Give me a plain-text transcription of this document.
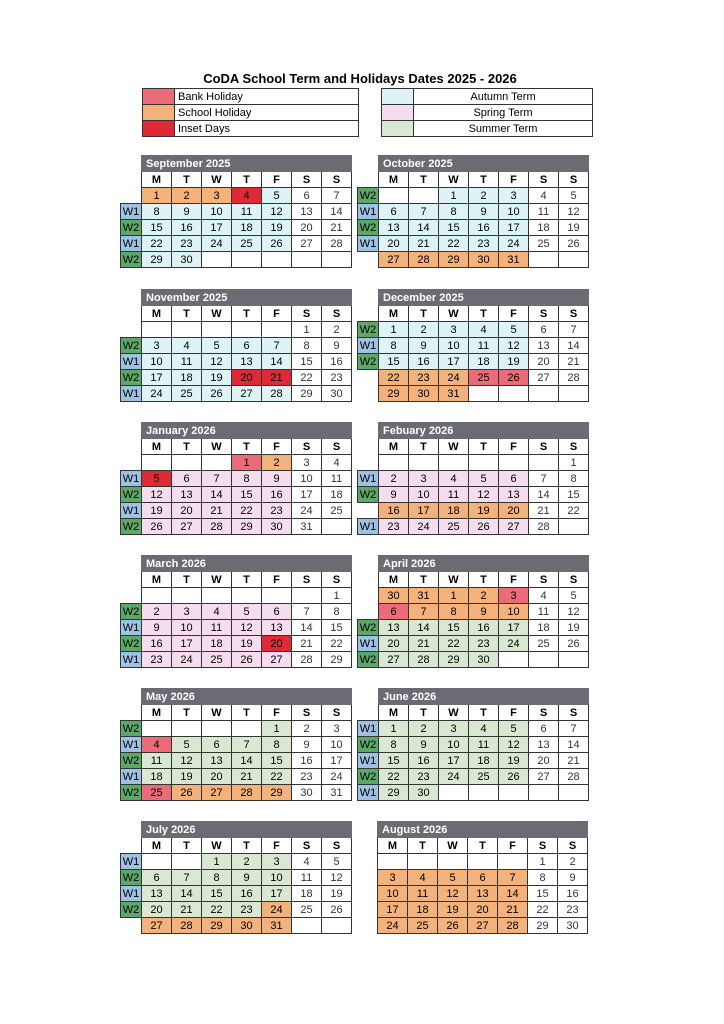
CoDA School Term and Holidays Dates 2025 - 2026
	Bank Holiday
	School Holiday
	Inset Days
	Autumn Term
	Spring Term
	Summer Term
	September 2025						
	M	T	W	T	F	S	S
	1	2	3	4	5	6	7
W1	8	9	10	11	12	13	14
W2	15	16	17	18	19	20	21
W1	22	23	24	25	26	27	28
W2	29	30					
	October 2025						
	M	T	W	T	F	S	S
W2			1	2	3	4	5
W1	6	7	8	9	10	11	12
W2	13	14	15	16	17	18	19
W1	20	21	22	23	24	25	26
	27	28	29	30	31		
	November 2025						
	M	T	W	T	F	S	S
						1	2
W2	3	4	5	6	7	8	9
W1	10	11	12	13	14	15	16
W2	17	18	19	20	21	22	23
W1	24	25	26	27	28	29	30
	December 2025						
	M	T	W	T	F	S	S
W2	1	2	3	4	5	6	7
W1	8	9	10	11	12	13	14
W2	15	16	17	18	19	20	21
	22	23	24	25	26	27	28
	29	30	31				
	January 2026						
	M	T	W	T	F	S	S
				1	2	3	4
W1	5	6	7	8	9	10	11
W2	12	13	14	15	16	17	18
W1	19	20	21	22	23	24	25
W2	26	27	28	29	30	31	
	Febuary 2026						
	M	T	W	T	F	S	S
							1
W1	2	3	4	5	6	7	8
W2	9	10	11	12	13	14	15
	16	17	18	19	20	21	22
W1	23	24	25	26	27	28	
	March 2026						
	M	T	W	T	F	S	S
							1
W2	2	3	4	5	6	7	8
W1	9	10	11	12	13	14	15
W2	16	17	18	19	20	21	22
W1	23	24	25	26	27	28	29
	April 2026						
	M	T	W	T	F	S	S
	30	31	1	2	3	4	5
	6	7	8	9	10	11	12
W2	13	14	15	16	17	18	19
W1	20	21	22	23	24	25	26
W2	27	28	29	30			
	May 2026						
	M	T	W	T	F	S	S
W2					1	2	3
W1	4	5	6	7	8	9	10
W2	11	12	13	14	15	16	17
W1	18	19	20	21	22	23	24
W2	25	26	27	28	29	30	31
	June 2026						
	M	T	W	T	F	S	S
W1	1	2	3	4	5	6	7
W2	8	9	10	11	12	13	14
W1	15	16	17	18	19	20	21
W2	22	23	24	25	26	27	28
W1	29	30					
	July 2026						
	M	T	W	T	F	S	S
W1			1	2	3	4	5
W2	6	7	8	9	10	11	12
W1	13	14	15	16	17	18	19
W2	20	21	22	23	24	25	26
	27	28	29	30	31		
	August 2026						
	M	T	W	T	F	S	S
						1	2
	3	4	5	6	7	8	9
	10	11	12	13	14	15	16
	17	18	19	20	21	22	23
	24	25	26	27	28	29	30
